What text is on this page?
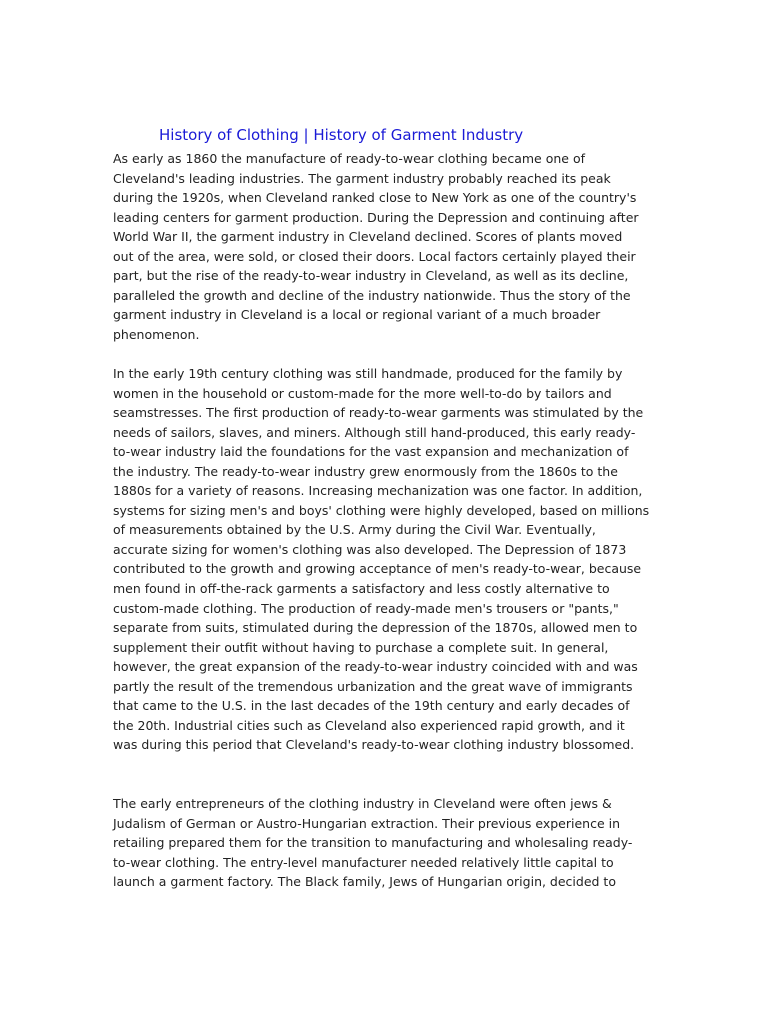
History of Clothing | History of Garment Industry

As early as 1860 the manufacture of ready-to-wear clothing became one of
Cleveland's leading industries. The garment industry probably reached its peak
during the 1920s, when Cleveland ranked close to New York as one of the country's
leading centers for garment production. During the Depression and continuing after
World War II, the garment industry in Cleveland declined. Scores of plants moved
out of the area, were sold, or closed their doors. Local factors certainly played their
part, but the rise of the ready-to-wear industry in Cleveland, as well as its decline,
paralleled the growth and decline of the industry nationwide. Thus the story of the
garment industry in Cleveland is a local or regional variant of a much broader
phenomenon.

In the early 19th century clothing was still handmade, produced for the family by
women in the household or custom-made for the more well-to-do by tailors and
seamstresses. The first production of ready-to-wear garments was stimulated by the
needs of sailors, slaves, and miners. Although still hand-produced, this early ready-
to-wear industry laid the foundations for the vast expansion and mechanization of
the industry. The ready-to-wear industry grew enormously from the 1860s to the
1880s for a variety of reasons. Increasing mechanization was one factor. In addition,
systems for sizing men's and boys' clothing were highly developed, based on millions
of measurements obtained by the U.S. Army during the Civil War. Eventually,
accurate sizing for women's clothing was also developed. The Depression of 1873
contributed to the growth and growing acceptance of men's ready-to-wear, because
men found in off-the-rack garments a satisfactory and less costly alternative to
custom-made clothing. The production of ready-made men's trousers or "pants,"
separate from suits, stimulated during the depression of the 1870s, allowed men to
supplement their outfit without having to purchase a complete suit. In general,
however, the great expansion of the ready-to-wear industry coincided with and was
partly the result of the tremendous urbanization and the great wave of immigrants
that came to the U.S. in the last decades of the 19th century and early decades of
the 20th. Industrial cities such as Cleveland also experienced rapid growth, and it
was during this period that Cleveland's ready-to-wear clothing industry blossomed.

The early entrepreneurs of the clothing industry in Cleveland were often jews &
Judalism of German or Austro-Hungarian extraction. Their previous experience in
retailing prepared them for the transition to manufacturing and wholesaling ready-
to-wear clothing. The entry-level manufacturer needed relatively little capital to
launch a garment factory. The Black family, Jews of Hungarian origin, decided to
